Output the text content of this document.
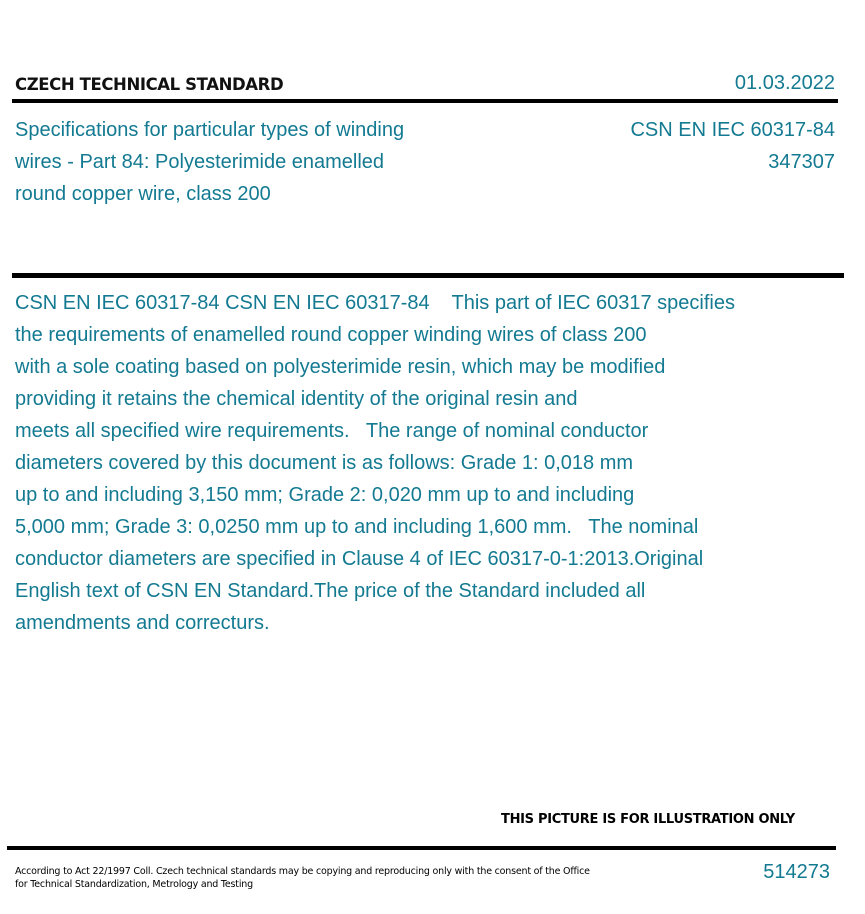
CZECH TECHNICAL STANDARD	01.03.2022
Specifications for particular types of winding
wires - Part 84: Polyesterimide enamelled
round copper wire, class 200
CSN EN IEC 60317-84
347307
CSN EN IEC 60317-84 CSN EN IEC 60317-84    This part of IEC 60317 specifies
the requirements of enamelled round copper winding wires of class 200
with a sole coating based on polyesterimide resin, which may be modified
providing it retains the chemical identity of the original resin and
meets all specified wire requirements.   The range of nominal conductor
diameters covered by this document is as follows: Grade 1: 0,018 mm
up to and including 3,150 mm; Grade 2: 0,020 mm up to and including
5,000 mm; Grade 3: 0,0250 mm up to and including 1,600 mm.   The nominal
conductor diameters are specified in Clause 4 of IEC 60317-0-1:2013.Original
English text of CSN EN Standard.The price of the Standard included all
amendments and correcturs.
THIS PICTURE IS FOR ILLUSTRATION ONLY
According to Act 22/1997 Coll. Czech technical standards may be copying and reproducing only with the consent of the Office
for Technical Standardization, Metrology and Testing
514273
